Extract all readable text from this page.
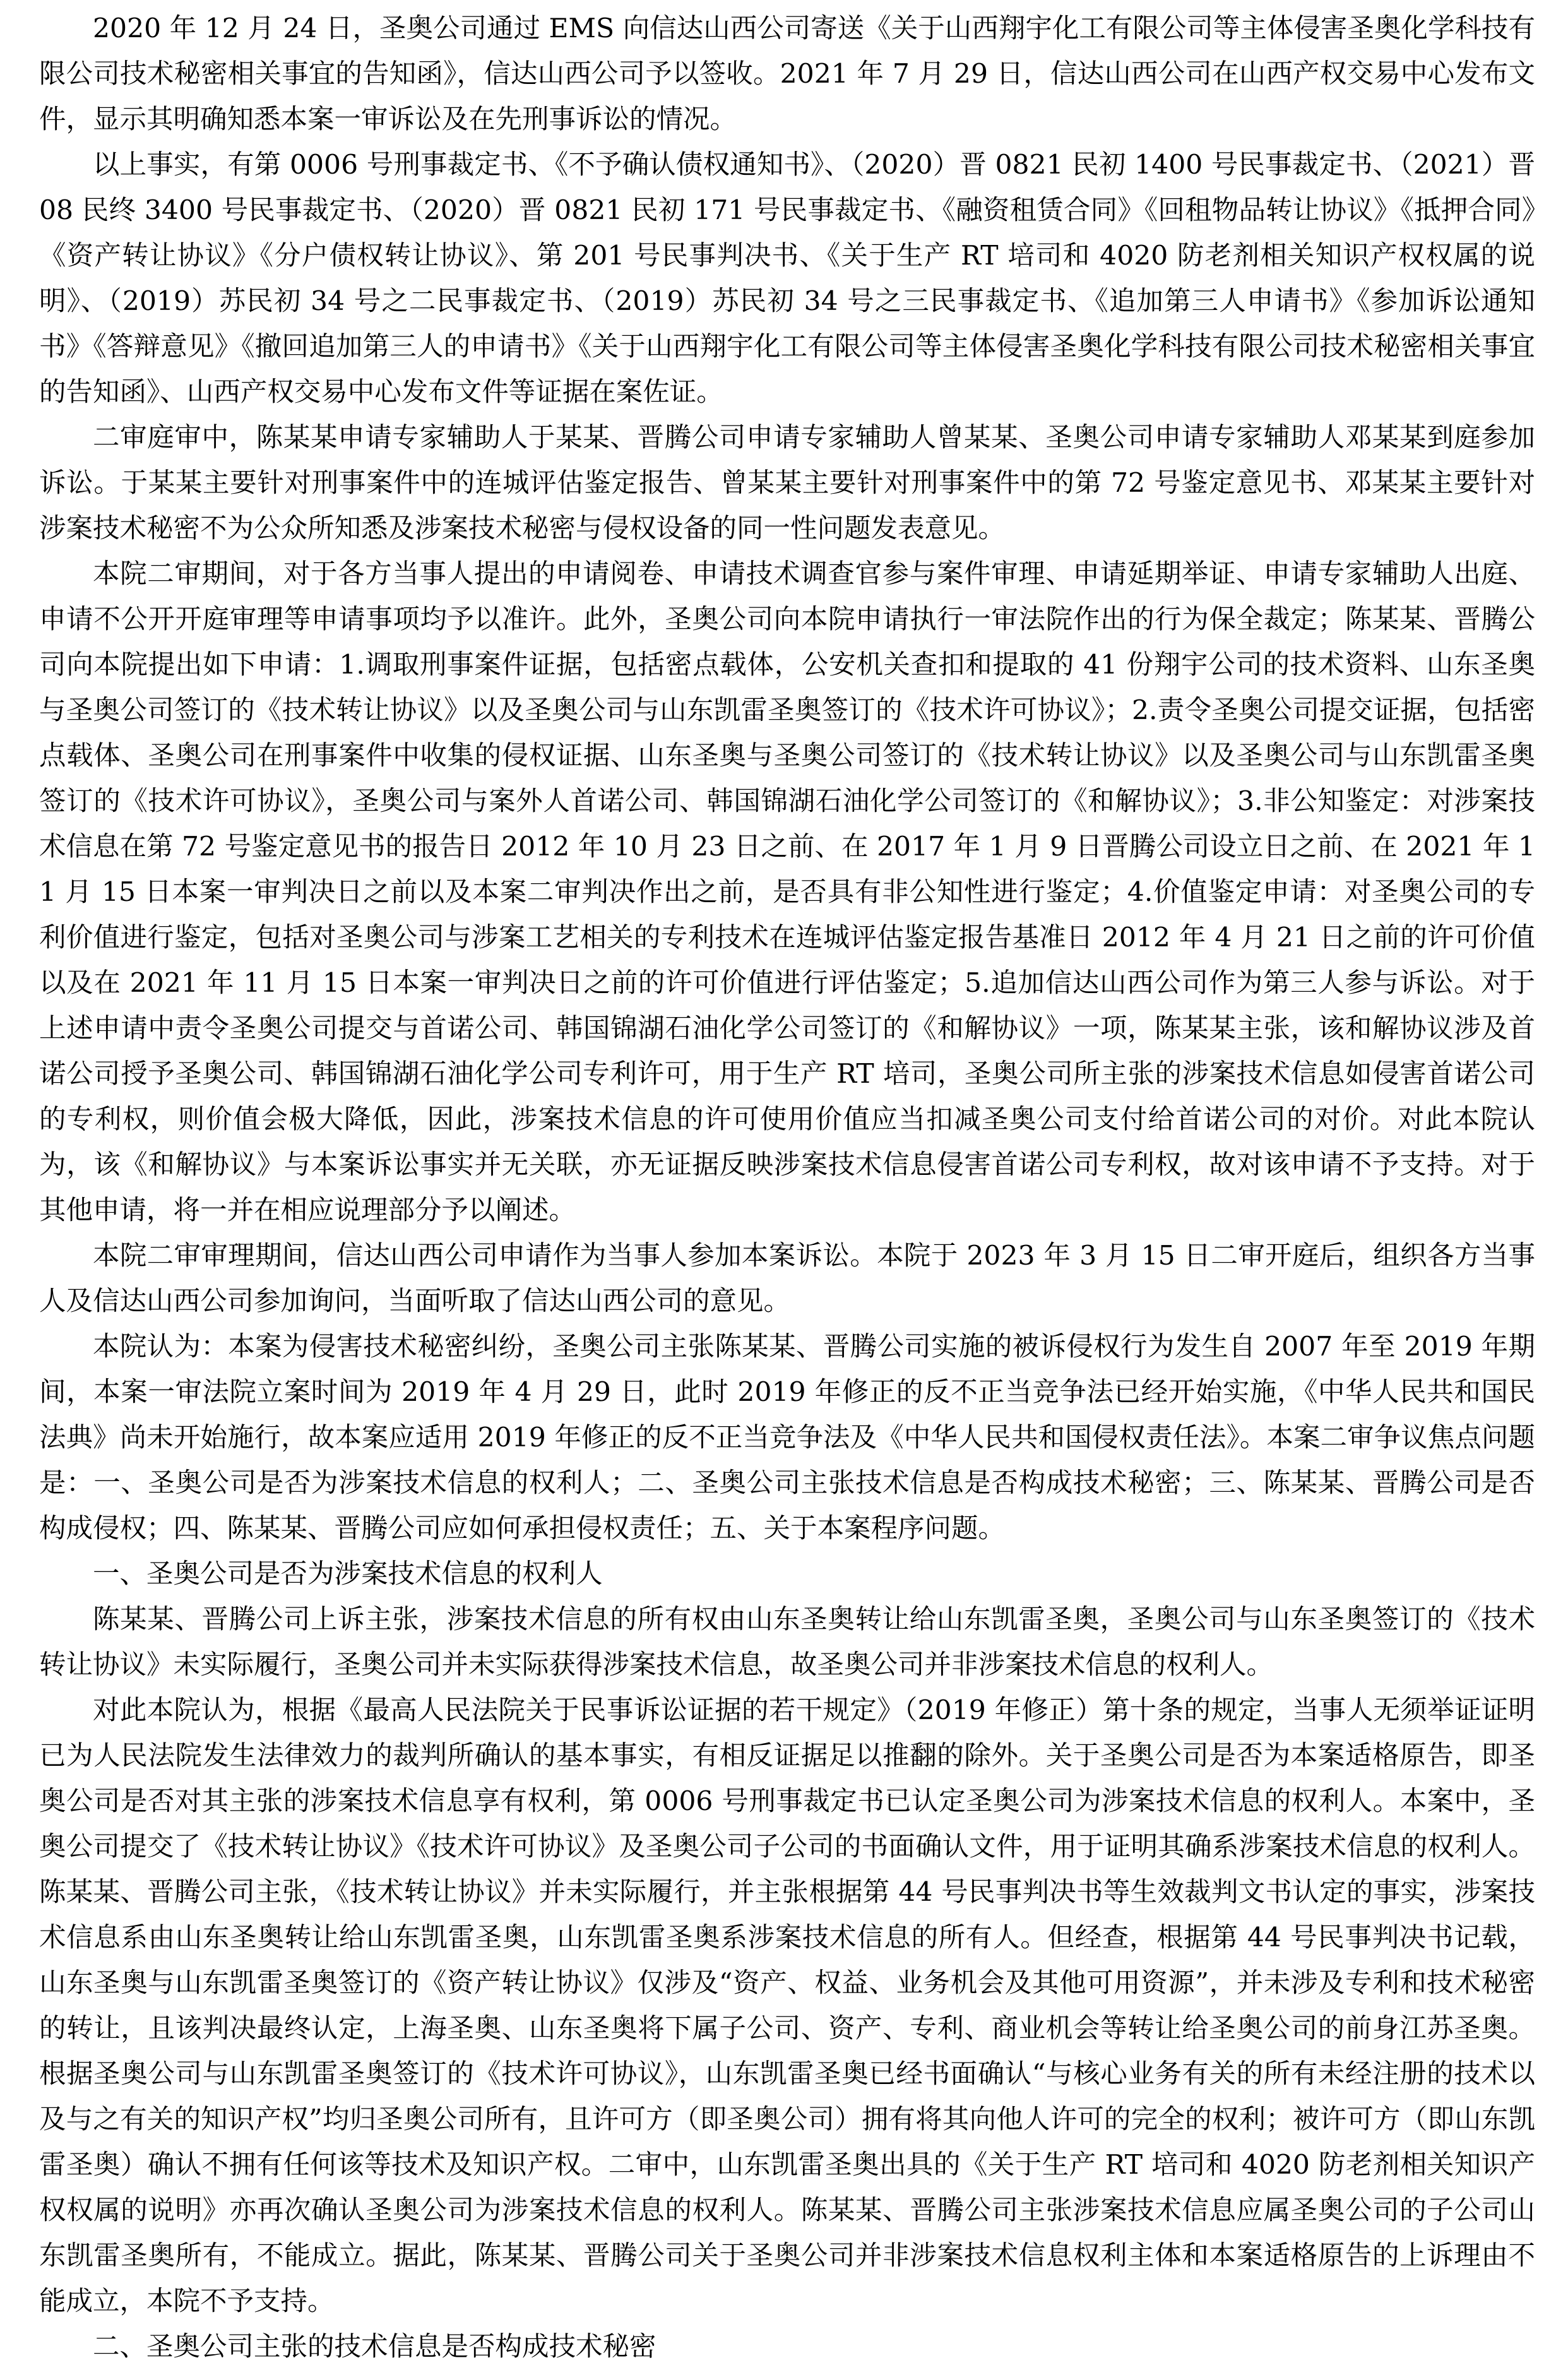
2020 年 12 月 24 日，圣奥公司通过 EMS 向信达山西公司寄送《关于山西翔宇化工有限公司等主体侵害圣奥化学科技有限公司技术秘密相关事宜的告知函》，信达山西公司予以签收。2021 年 7 月 29 日，信达山西公司在山西产权交易中心发布文件，显示其明确知悉本案一审诉讼及在先刑事诉讼的情况。

以上事实，有第 0006 号刑事裁定书、《不予确认债权通知书》、（2020）晋 0821 民初 1400 号民事裁定书、（2021）晋 08 民终 3400 号民事裁定书、（2020）晋 0821 民初 171 号民事裁定书、《融资租赁合同》《回租物品转让协议》《抵押合同》《资产转让协议》《分户债权转让协议》、第 201 号民事判决书、《关于生产 RT 培司和 4020 防老剂相关知识产权权属的说明》、（2019）苏民初 34 号之二民事裁定书、（2019）苏民初 34 号之三民事裁定书、《追加第三人申请书》《参加诉讼通知书》《答辩意见》《撤回追加第三人的申请书》《关于山西翔宇化工有限公司等主体侵害圣奥化学科技有限公司技术秘密相关事宜的告知函》、山西产权交易中心发布文件等证据在案佐证。

二审庭审中，陈某某申请专家辅助人于某某、晋腾公司申请专家辅助人曾某某、圣奥公司申请专家辅助人邓某某到庭参加诉讼。于某某主要针对刑事案件中的连城评估鉴定报告、曾某某主要针对刑事案件中的第 72 号鉴定意见书、邓某某主要针对涉案技术秘密不为公众所知悉及涉案技术秘密与侵权设备的同一性问题发表意见。

本院二审期间，对于各方当事人提出的申请阅卷、申请技术调查官参与案件审理、申请延期举证、申请专家辅助人出庭、申请不公开开庭审理等申请事项均予以准许。此外，圣奥公司向本院申请执行一审法院作出的行为保全裁定；陈某某、晋腾公司向本院提出如下申请：1.调取刑事案件证据，包括密点载体，公安机关查扣和提取的 41 份翔宇公司的技术资料、山东圣奥与圣奥公司签订的《技术转让协议》以及圣奥公司与山东凯雷圣奥签订的《技术许可协议》；2.责令圣奥公司提交证据，包括密点载体、圣奥公司在刑事案件中收集的侵权证据、山东圣奥与圣奥公司签订的《技术转让协议》以及圣奥公司与山东凯雷圣奥签订的《技术许可协议》，圣奥公司与案外人首诺公司、韩国锦湖石油化学公司签订的《和解协议》；3.非公知鉴定：对涉案技术信息在第 72 号鉴定意见书的报告日 2012 年 10 月 23 日之前、在 2017 年 1 月 9 日晋腾公司设立日之前、在 2021 年 11 月 15 日本案一审判决日之前以及本案二审判决作出之前，是否具有非公知性进行鉴定；4.价值鉴定申请：对圣奥公司的专利价值进行鉴定，包括对圣奥公司与涉案工艺相关的专利技术在连城评估鉴定报告基准日 2012 年 4 月 21 日之前的许可价值以及在 2021 年 11 月 15 日本案一审判决日之前的许可价值进行评估鉴定；5.追加信达山西公司作为第三人参与诉讼。对于上述申请中责令圣奥公司提交与首诺公司、韩国锦湖石油化学公司签订的《和解协议》一项，陈某某主张，该和解协议涉及首诺公司授予圣奥公司、韩国锦湖石油化学公司专利许可，用于生产 RT 培司，圣奥公司所主张的涉案技术信息如侵害首诺公司的专利权，则价值会极大降低，因此，涉案技术信息的许可使用价值应当扣减圣奥公司支付给首诺公司的对价。对此本院认为，该《和解协议》与本案诉讼事实并无关联，亦无证据反映涉案技术信息侵害首诺公司专利权，故对该申请不予支持。对于其他申请，将一并在相应说理部分予以阐述。

本院二审审理期间，信达山西公司申请作为当事人参加本案诉讼。本院于 2023 年 3 月 15 日二审开庭后，组织各方当事人及信达山西公司参加询问，当面听取了信达山西公司的意见。

本院认为：本案为侵害技术秘密纠纷，圣奥公司主张陈某某、晋腾公司实施的被诉侵权行为发生自 2007 年至 2019 年期间，本案一审法院立案时间为 2019 年 4 月 29 日，此时 2019 年修正的反不正当竞争法已经开始实施，《中华人民共和国民法典》尚未开始施行，故本案应适用 2019 年修正的反不正当竞争法及《中华人民共和国侵权责任法》。本案二审争议焦点问题是：一、圣奥公司是否为涉案技术信息的权利人；二、圣奥公司主张技术信息是否构成技术秘密；三、陈某某、晋腾公司是否构成侵权；四、陈某某、晋腾公司应如何承担侵权责任；五、关于本案程序问题。

一、圣奥公司是否为涉案技术信息的权利人

陈某某、晋腾公司上诉主张，涉案技术信息的所有权由山东圣奥转让给山东凯雷圣奥，圣奥公司与山东圣奥签订的《技术转让协议》未实际履行，圣奥公司并未实际获得涉案技术信息，故圣奥公司并非涉案技术信息的权利人。

对此本院认为，根据《最高人民法院关于民事诉讼证据的若干规定》（2019 年修正）第十条的规定，当事人无须举证证明已为人民法院发生法律效力的裁判所确认的基本事实，有相反证据足以推翻的除外。关于圣奥公司是否为本案适格原告，即圣奥公司是否对其主张的涉案技术信息享有权利，第 0006 号刑事裁定书已认定圣奥公司为涉案技术信息的权利人。本案中，圣奥公司提交了《技术转让协议》《技术许可协议》及圣奥公司子公司的书面确认文件，用于证明其确系涉案技术信息的权利人。陈某某、晋腾公司主张，《技术转让协议》并未实际履行，并主张根据第 44 号民事判决书等生效裁判文书认定的事实，涉案技术信息系由山东圣奥转让给山东凯雷圣奥，山东凯雷圣奥系涉案技术信息的所有人。但经查，根据第 44 号民事判决书记载，山东圣奥与山东凯雷圣奥签订的《资产转让协议》仅涉及“资产、权益、业务机会及其他可用资源”，并未涉及专利和技术秘密的转让，且该判决最终认定，上海圣奥、山东圣奥将下属子公司、资产、专利、商业机会等转让给圣奥公司的前身江苏圣奥。根据圣奥公司与山东凯雷圣奥签订的《技术许可协议》，山东凯雷圣奥已经书面确认“与核心业务有关的所有未经注册的技术以及与之有关的知识产权”均归圣奥公司所有，且许可方（即圣奥公司）拥有将其向他人许可的完全的权利；被许可方（即山东凯雷圣奥）确认不拥有任何该等技术及知识产权。二审中，山东凯雷圣奥出具的《关于生产 RT 培司和 4020 防老剂相关知识产权权属的说明》亦再次确认圣奥公司为涉案技术信息的权利人。陈某某、晋腾公司主张涉案技术信息应属圣奥公司的子公司山东凯雷圣奥所有，不能成立。据此，陈某某、晋腾公司关于圣奥公司并非涉案技术信息权利主体和本案适格原告的上诉理由不能成立，本院不予支持。

二、圣奥公司主张的技术信息是否构成技术秘密
